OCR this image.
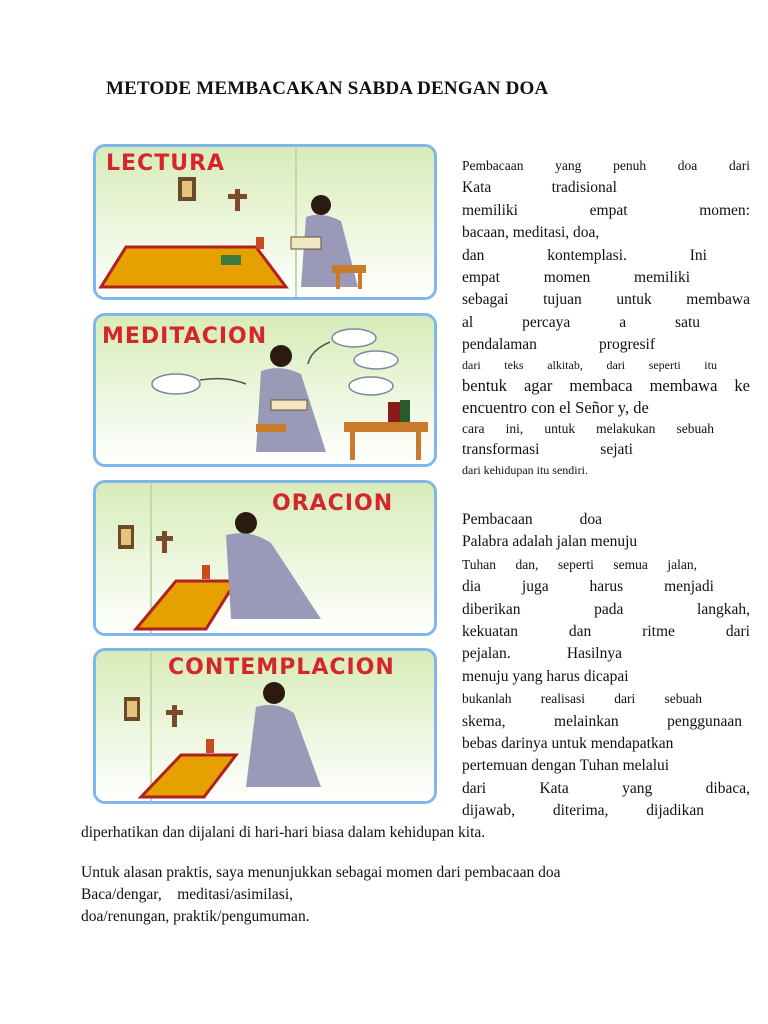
METODE MEMBACAKAN SABDA DENGAN DOA
LECTURA
MEDITACION
ORACION
CONTEMPLACION
Pembacaan yang penuh doa dari
Kata	tradisional
memiliki	empat	momen:
bacaan, meditasi, doa,
dan	kontemplasi.	Ini
empat	momen	memiliki
sebagai tujuan untuk membawa
al	percaya	a	satu
pendalaman	progresif
dari teks alkitab, dari seperti itu
bentuk agar membaca membawa ke
encuentro con el Señor y, de
cara ini, untuk melakukan sebuah
transformasi	sejati
dari kehidupan itu sendiri.
Pembacaan	doa
Palabra adalah jalan menuju
Tuhan dan, seperti semua jalan,
dia	juga	harus	menjadi
diberikan	pada	langkah,
kekuatan	dan	ritme	dari
pejalan.	Hasilnya
menuju yang harus dicapai
bukanlah realisasi dari sebuah
skema,	melainkan	penggunaan
bebas darinya untuk mendapatkan
pertemuan dengan Tuhan melalui
dari	Kata	yang	dibaca,
dijawab, diterima, dijadikan
diperhatikan dan dijalani di hari-hari biasa dalam kehidupan kita.
Untuk alasan praktis, saya menunjukkan sebagai momen dari pembacaan doa
Baca/dengar,    meditasi/asimilasi,
doa/renungan, praktik/pengumuman.
